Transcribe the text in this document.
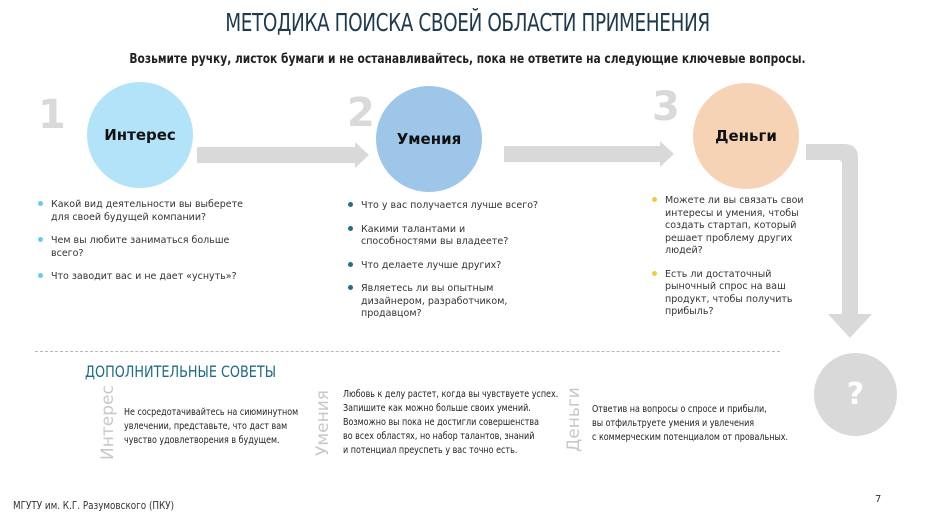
МЕТОДИКА ПОИСКА СВОЕЙ ОБЛАСТИ ПРИМЕНЕНИЯ
Возьмите ручку, листок бумаги и не останавливайтесь, пока не ответите на следующие ключевые вопросы.
1	Интерес	2
Умения
3
Деньги
?
Какой вид деятельности вы выберете для своей будущей компании?
Чем вы любите заниматься больше всего?
Что заводит вас и не дает «уснуть»?
Что у вас получается лучше всего?
Какими талантами и способностями вы владеете?
Что делаете лучше других?
Являетесь ли вы опытным дизайнером, разработчиком, продавцом?
Можете ли вы связать свои интересы и умения, чтобы создать стартап, который решает проблему других людей?
Есть ли достаточный рыночный спрос на ваш продукт, чтобы получить прибыль?
ДОПОЛНИТЕЛЬНЫЕ СОВЕТЫ
Интерес Не сосредотачивайтесь на сиюминутном
увлечении, представьте, что даст вам
чувство удовлетворения в будущем.	Умения Любовь к делу растет, когда вы чувствуете успех.
Запишите как можно больше своих умений.
Возможно вы пока не достигли совершенства
во всех областях, но набор талантов, знаний
и потенциал преуспеть у вас точно есть.	Деньги Ответив на вопросы о спросе и прибыли,
вы отфильтруете умения и увлечения
с коммерческим потенциалом от провальных.
МГУТУ им. К.Г. Разумовского (ПКУ)	7
